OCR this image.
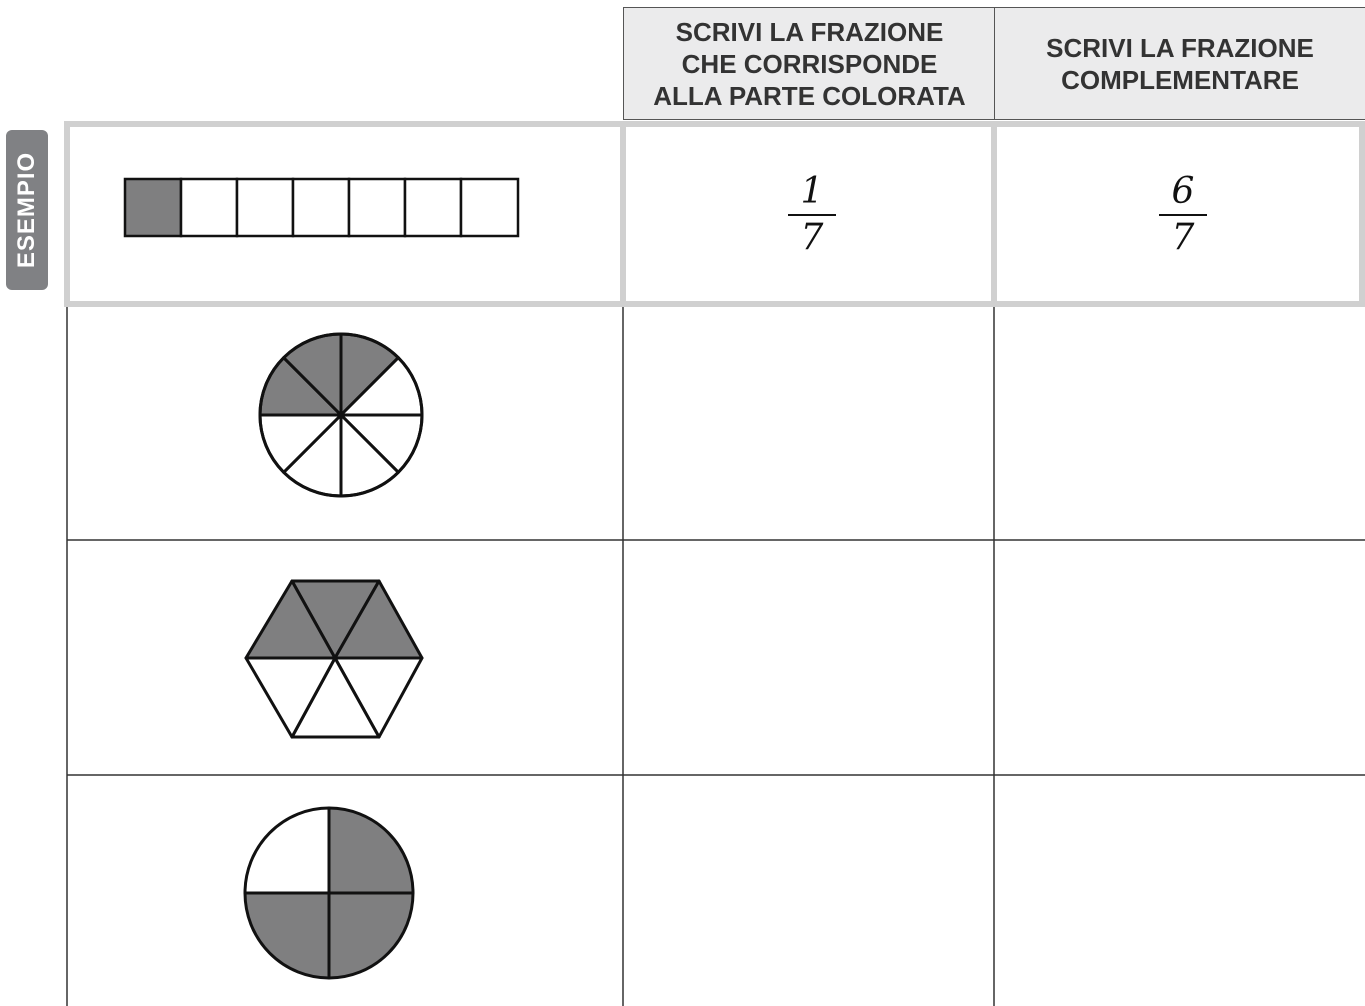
SCRIVI LA FRAZIONE
CHE CORRISPONDE
ALLA PARTE COLORATA
SCRIVI LA FRAZIONE
COMPLEMENTARE
ESEMPIO	1
7
6
7
